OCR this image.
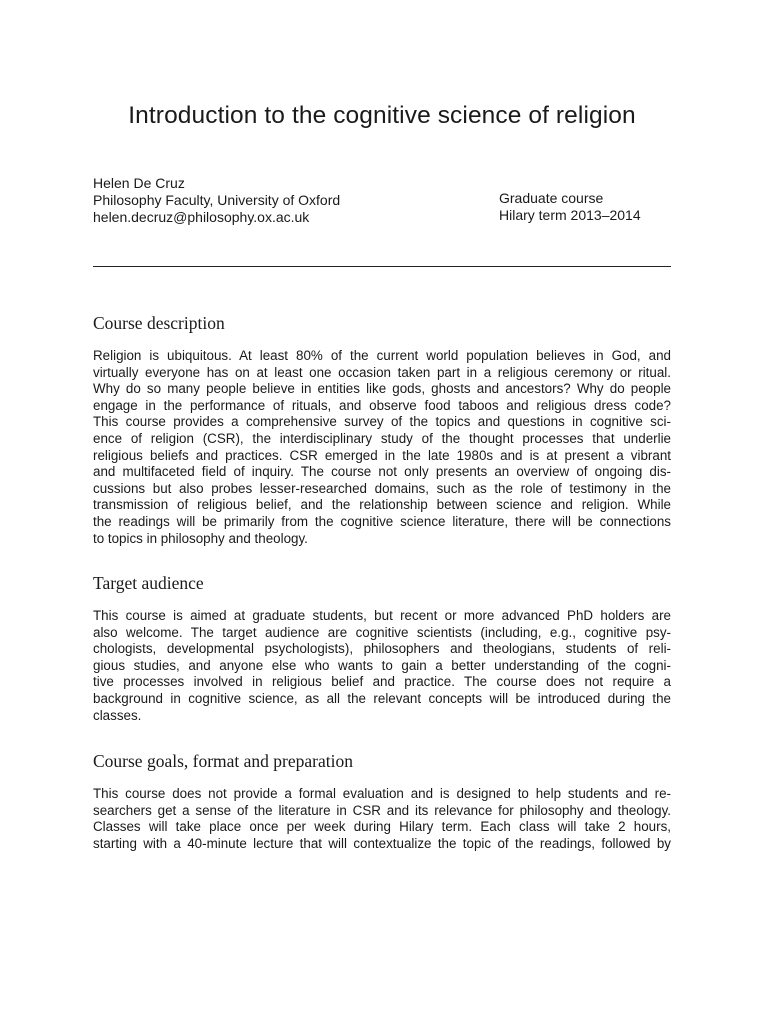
Introduction to the cognitive science of religion
Helen De Cruz
Philosophy Faculty, University of Oxford
helen.decruz@philosophy.ox.ac.uk
Graduate course
Hilary term 2013–2014
Course description
Religion is ubiquitous. At least 80% of the current world population believes in God, and
virtually everyone has on at least one occasion taken part in a religious ceremony or ritual.
Why do so many people believe in entities like gods, ghosts and ancestors? Why do people
engage in the performance of rituals, and observe food taboos and religious dress code?
This course provides a comprehensive survey of the topics and questions in cognitive sci-
ence of religion (CSR), the interdisciplinary study of the thought processes that underlie
religious beliefs and practices. CSR emerged in the late 1980s and is at present a vibrant
and multifaceted field of inquiry. The course not only presents an overview of ongoing dis-
cussions but also probes lesser-researched domains, such as the role of testimony in the
transmission of religious belief, and the relationship between science and religion. While
the readings will be primarily from the cognitive science literature, there will be connections
to topics in philosophy and theology.
Target audience
This course is aimed at graduate students, but recent or more advanced PhD holders are
also welcome. The target audience are cognitive scientists (including, e.g., cognitive psy-
chologists, developmental psychologists), philosophers and theologians, students of reli-
gious studies, and anyone else who wants to gain a better understanding of the cogni-
tive processes involved in religious belief and practice. The course does not require a
background in cognitive science, as all the relevant concepts will be introduced during the
classes.
Course goals, format and preparation
This course does not provide a formal evaluation and is designed to help students and re-
searchers get a sense of the literature in CSR and its relevance for philosophy and theology.
Classes will take place once per week during Hilary term. Each class will take 2 hours,
starting with a 40-minute lecture that will contextualize the topic of the readings, followed by
